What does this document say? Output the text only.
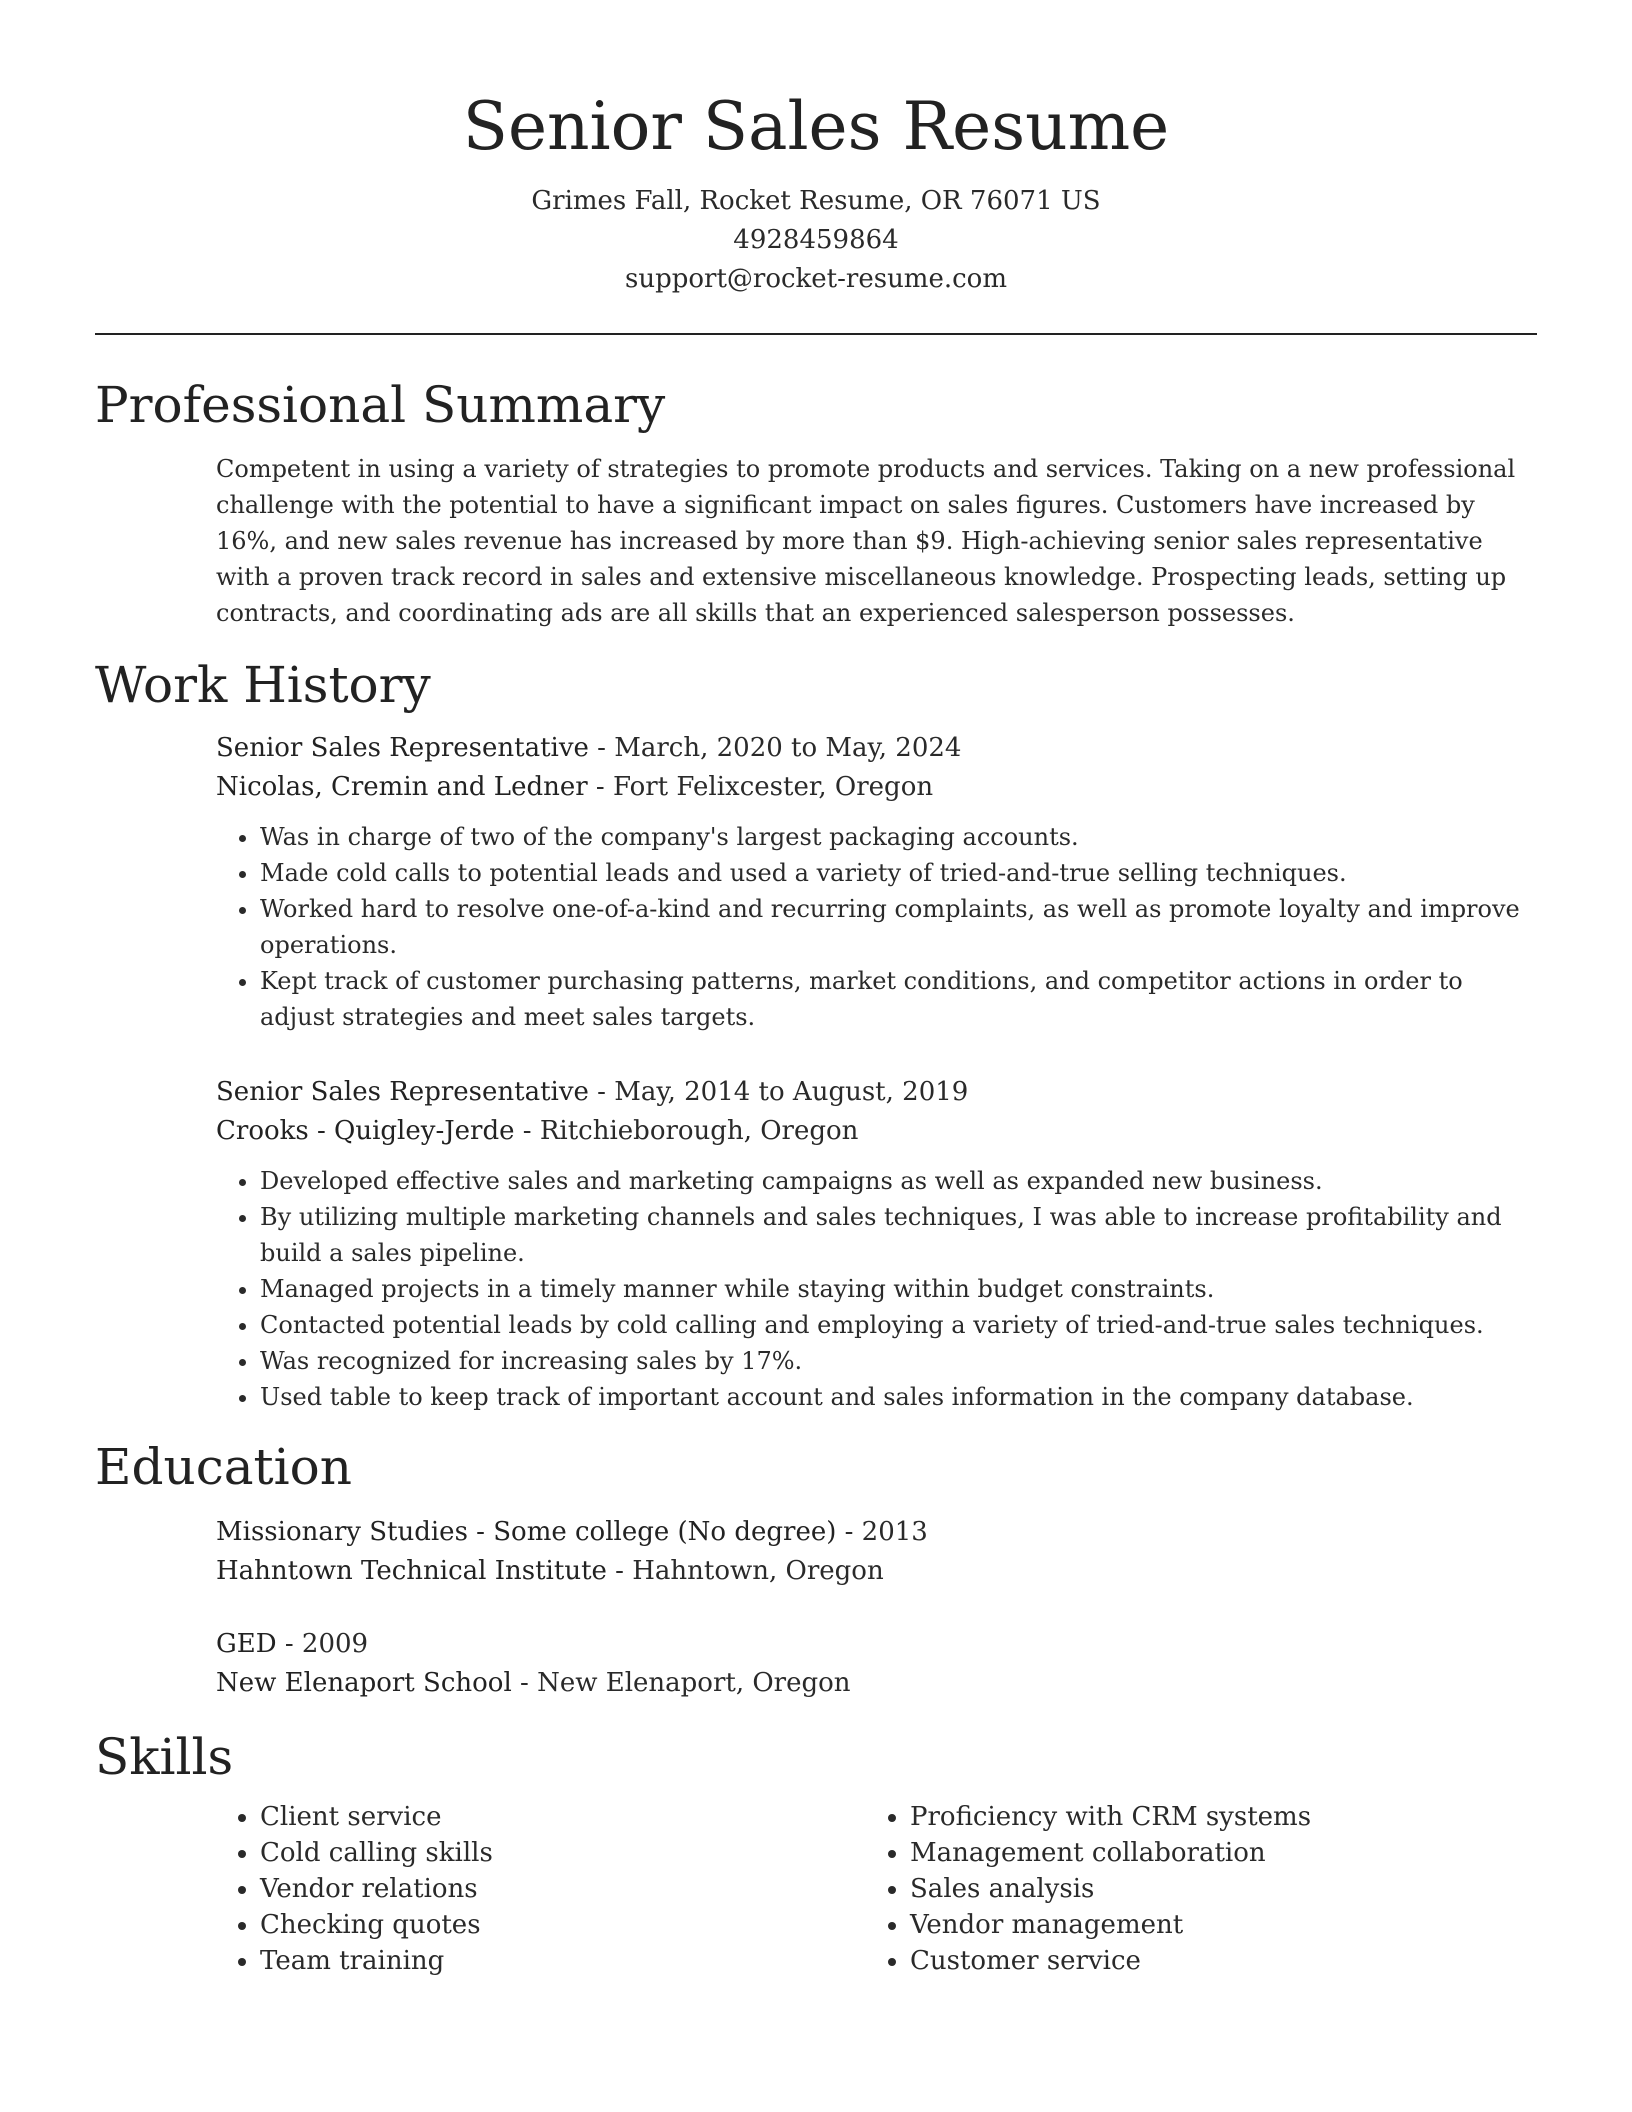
Senior Sales Resume
Grimes Fall, Rocket Resume, OR 76071 US
4928459864
support@rocket-resume.com
Professional Summary

Competent in using a variety of strategies to promote products and services. Taking on a new professional challenge with the potential to have a significant impact on sales figures. Customers have increased by 16%, and new sales revenue has increased by more than $9. High-achieving senior sales representative with a proven track record in sales and extensive miscellaneous knowledge. Prospecting leads, setting up contracts, and coordinating ads are all skills that an experienced salesperson possesses.

Work History
Senior Sales Representative - March, 2020 to May, 2024
Nicolas, Cremin and Ledner - Fort Felixcester, Oregon
• Was in charge of two of the company's largest packaging accounts.
• Made cold calls to potential leads and used a variety of tried-and-true selling techniques.
• Worked hard to resolve one-of-a-kind and recurring complaints, as well as promote loyalty and improve operations.
• Kept track of customer purchasing patterns, market conditions, and competitor actions in order to adjust strategies and meet sales targets.
Senior Sales Representative - May, 2014 to August, 2019
Crooks - Quigley-Jerde - Ritchieborough, Oregon
• Developed effective sales and marketing campaigns as well as expanded new business.
• By utilizing multiple marketing channels and sales techniques, I was able to increase profitability and build a sales pipeline.
• Managed projects in a timely manner while staying within budget constraints.
• Contacted potential leads by cold calling and employing a variety of tried-and-true sales techniques.
• Was recognized for increasing sales by 17%.
• Used table to keep track of important account and sales information in the company database.
Education
Missionary Studies - Some college (No degree) - 2013
Hahntown Technical Institute - Hahntown, Oregon
GED - 2009
New Elenaport School - New Elenaport, Oregon
Skills
• Client service
• Cold calling skills
• Vendor relations
• Checking quotes
• Team training
• Proficiency with CRM systems
• Management collaboration
• Sales analysis
• Vendor management
• Customer service
